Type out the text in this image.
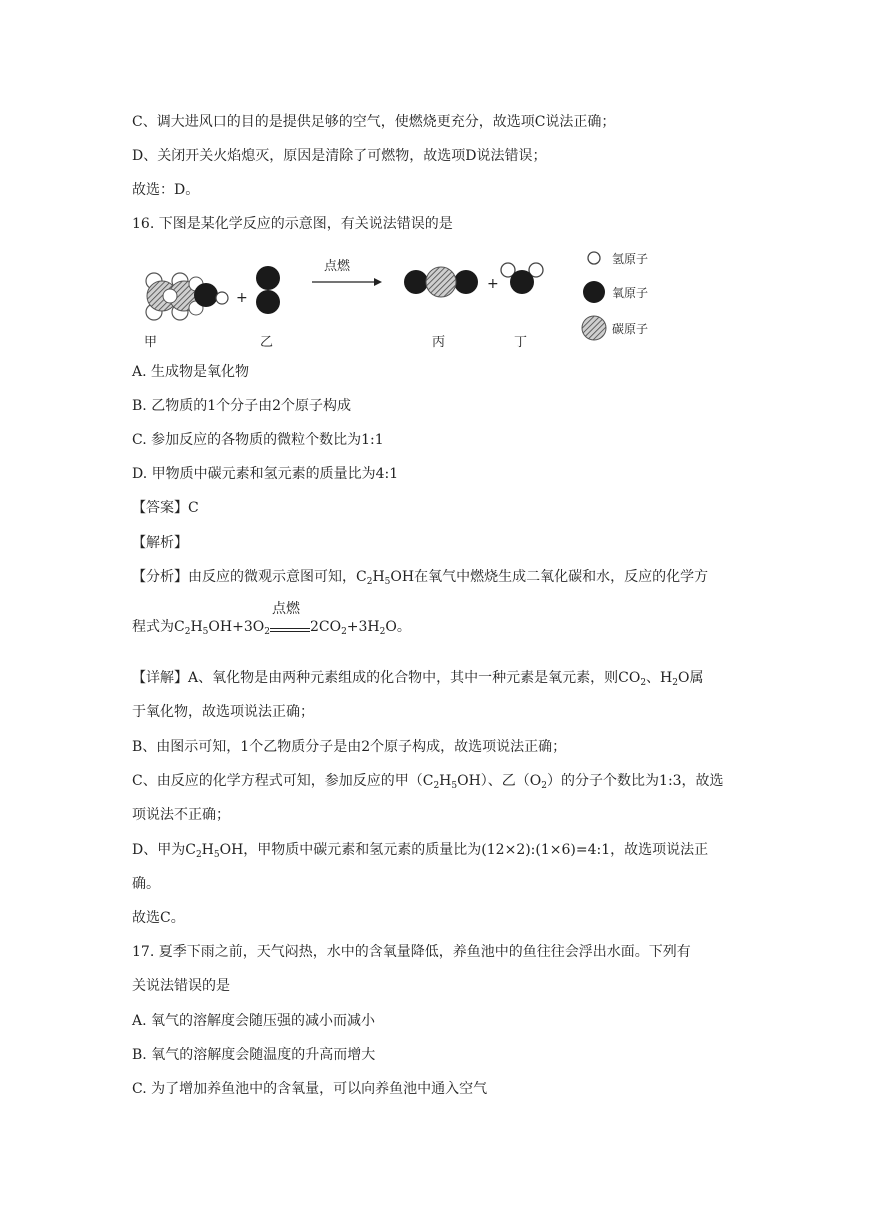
C、调大进风口的目的是提供足够的空气，使燃烧更充分，故选项C说法正确；
D、关闭开关火焰熄灭，原因是清除了可燃物，故选项D说法错误；
故选：D。
16. 下图是某化学反应的示意图，有关说法错误的是
+
点燃
+
甲	乙	丙	丁
氢原子
氧原子
碳原子
A. 生成物是氧化物
B. 乙物质的1个分子由2个原子构成
C. 参加反应的各物质的微粒个数比为1:1
D. 甲物质中碳元素和氢元素的质量比为4:1
【答案】C
【解析】
【分析】由反应的微观示意图可知，$C_2H_5OH$在氧气中燃烧生成二氧化碳和水，反应的化学方
程式为$C_2H_5OH+3O_2$
点燃
$2CO_2+3H_2O$。
【详解】A、氧化物是由两种元素组成的化合物中，其中一种元素是氧元素，则$CO_2$、$H_2O$属
于氧化物，故选项说法正确；
B、由图示可知，1个乙物质分子是由2个原子构成，故选项说法正确；
C、由反应的化学方程式可知，参加反应的甲$(C_2H_5OH)$、乙$(O_2)$的分子个数比为1:3，故选
项说法不正确；
D、甲为$C_2H_5OH$，甲物质中碳元素和氢元素的质量比为(12×2):(1×6)=4:1，故选项说法正
确。
故选C。
17. 夏季下雨之前，天气闷热，水中的含氧量降低，养鱼池中的鱼往往会浮出水面。下列有
关说法错误的是
A. 氧气的溶解度会随压强的减小而减小
B. 氧气的溶解度会随温度的升高而增大
C. 为了增加养鱼池中的含氧量，可以向养鱼池中通入空气
